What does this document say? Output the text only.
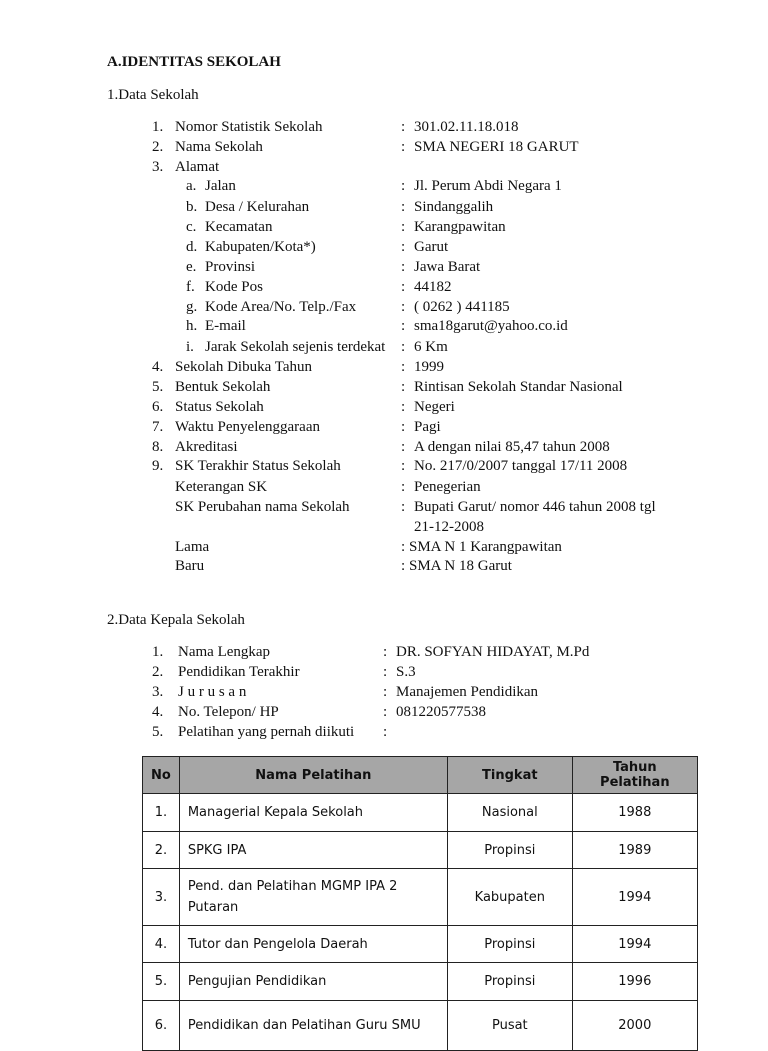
A.IDENTITAS SEKOLAH
1.Data Sekolah
1. Nomor Statistik Sekolah	: 301.02.11.18.018
2. Nama Sekolah	: SMA NEGERI 18 GARUT
3. Alamat
a. Jalan	: Jl. Perum Abdi Negara 1
b. Desa / Kelurahan	: Sindanggalih
c. Kecamatan	: Karangpawitan
d. Kabupaten/Kota*)	: Garut
e. Provinsi	: Jawa Barat
f. Kode Pos	: 44182
g. Kode Area/No. Telp./Fax	: ( 0262 ) 441185
h. E-mail	: sma18garut@yahoo.co.id
i. Jarak Sekolah sejenis terdekat : 6 Km
4. Sekolah Dibuka Tahun	: 1999
5. Bentuk Sekolah	: Rintisan Sekolah Standar Nasional
6. Status Sekolah	: Negeri
7. Waktu Penyelenggaraan	: Pagi
8. Akreditasi	: A dengan nilai 85,47 tahun 2008
9. SK Terakhir Status Sekolah	: No. 217/0/2007 tanggal 17/11 2008
Keterangan SK	: Penegerian
SK Perubahan nama Sekolah	: Bupati Garut/ nomor 446 tahun 2008 tgl
21-12-2008
Lama	: SMA N 1 Karangpawitan
Baru	: SMA N 18 Garut
2.Data Kepala Sekolah
1. Nama Lengkap	: DR. SOFYAN HIDAYAT, M.Pd
2. Pendidikan Terakhir	: S.3
3. J u r u s a n	: Manajemen Pendidikan
4. No. Telepon/ HP	: 081220577538
5. Pelatihan yang pernah diikuti :
No	Nama Pelatihan	Tingkat	Tahun Pelatihan
1.	Managerial Kepala Sekolah	Nasional	1988
2.	SPKG IPA	Propinsi	1989
3.	Pend. dan Pelatihan MGMP IPA 2 Putaran	Kabupaten	1994
4.	Tutor dan Pengelola Daerah	Propinsi	1994
5.	Pengujian Pendidikan	Propinsi	1996
6.	Pendidikan dan Pelatihan Guru SMU	Pusat	2000
